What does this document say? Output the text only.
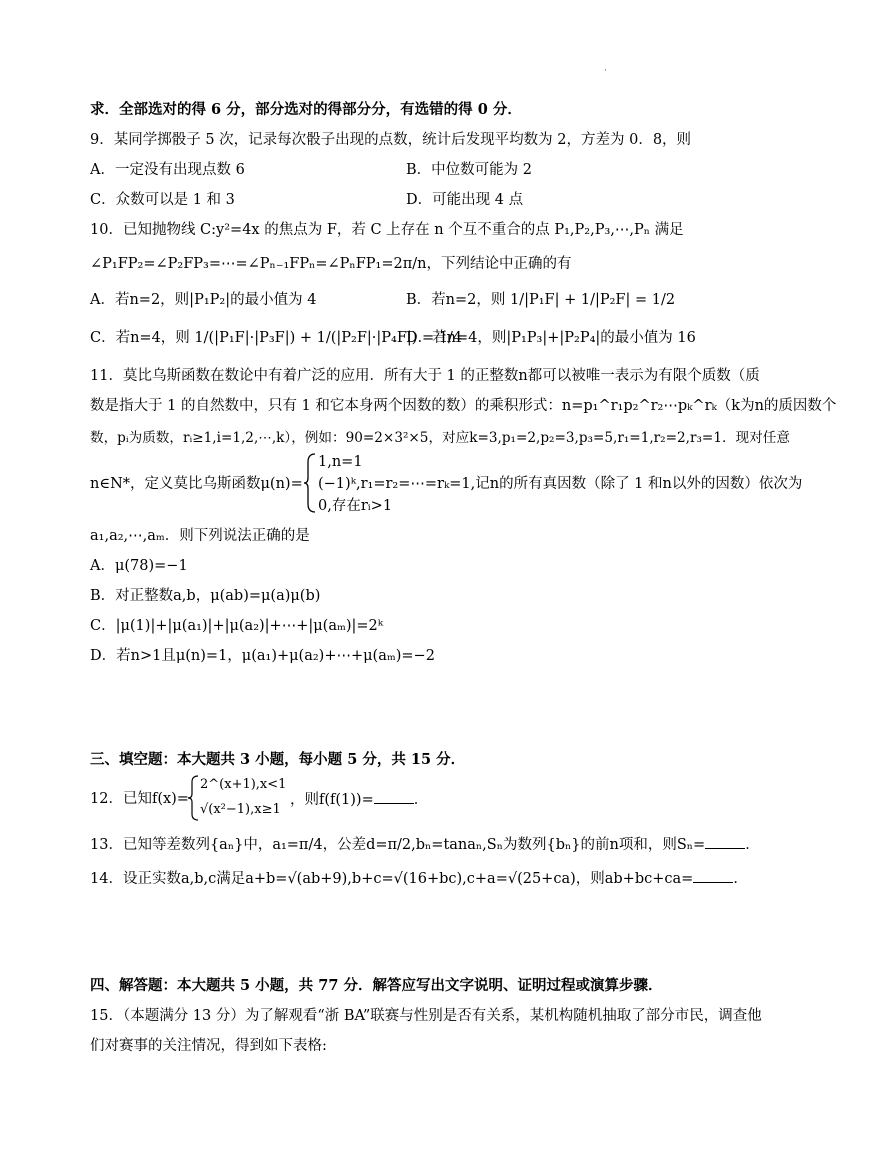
·
求．全部选对的得 6 分，部分选对的得部分分，有选错的得 0 分．
9．某同学掷骰子 5 次，记录每次骰子出现的点数，统计后发现平均数为 2，方差为 0．8，则
A．一定没有出现点数 6	B．中位数可能为 2
C．众数可以是 1 和 3	D．可能出现 4 点
10．已知抛物线 C:y²=4x 的焦点为 F，若 C 上存在 n 个互不重合的点 P₁,P₂,P₃,⋯,Pₙ 满足
∠P₁FP₂=∠P₂FP₃=⋯=∠Pₙ₋₁FPₙ=∠PₙFP₁=2π/n，下列结论中正确的有
A．若n=2，则|P₁P₂|的最小值为 4	B．若n=2，则 1/|P₁F| + 1/|P₂F| = 1/2
C．若n=4，则 1/(|P₁F|·|P₃F|) + 1/(|P₂F|·|P₄F|) = 1/4
D．若n=4，则|P₁P₃|+|P₂P₄|的最小值为 16
11．莫比乌斯函数在数论中有着广泛的应用．所有大于 1 的正整数n都可以被唯一表示为有限个质数（质
数是指大于 1 的自然数中，只有 1 和它本身两个因数的数）的乘积形式：n=p₁^r₁p₂^r₂⋯pₖ^rₖ（k为n的质因数个
数，pᵢ为质数，rᵢ≥1,i=1,2,⋯,k），例如：90=2×3²×5，对应k=3,p₁=2,p₂=3,p₃=5,r₁=1,r₂=2,r₃=1．现对任意
n∈N*，定义莫比乌斯函数μ(n)=
1,n=1
(−1)ᵏ,r₁=r₂=⋯=rₖ=1,记n的所有真因数（除了 1 和n以外的因数）依次为
0,存在rᵢ>1
a₁,a₂,⋯,aₘ．则下列说法正确的是
A．μ(78)=−1
B．对正整数a,b，μ(ab)=μ(a)μ(b)
C．|μ(1)|+|μ(a₁)|+|μ(a₂)|+⋯+|μ(aₘ)|=2ᵏ
D．若n>1且μ(n)=1，μ(a₁)+μ(a₂)+⋯+μ(aₘ)=−2
三、填空题：本大题共 3 小题，每小题 5 分，共 15 分．
12．已知f(x)=
2^(x+1),x<1
√(x²−1),x≥1
，则f(f(1))=	．
13．已知等差数列{aₙ}中，a₁=π/4，公差d=π/2,bₙ=tanaₙ,Sₙ为数列{bₙ}的前n项和，则Sₙ=	．
14．设正实数a,b,c满足a+b=√(ab+9),b+c=√(16+bc),c+a=√(25+ca)，则ab+bc+ca=	．
四、解答题：本大题共 5 小题，共 77 分．解答应写出文字说明、证明过程或演算步骤．
15．（本题满分 13 分）为了解观看“浙 BA”联赛与性别是否有关系，某机构随机抽取了部分市民，调查他
们对赛事的关注情况，得到如下表格:
